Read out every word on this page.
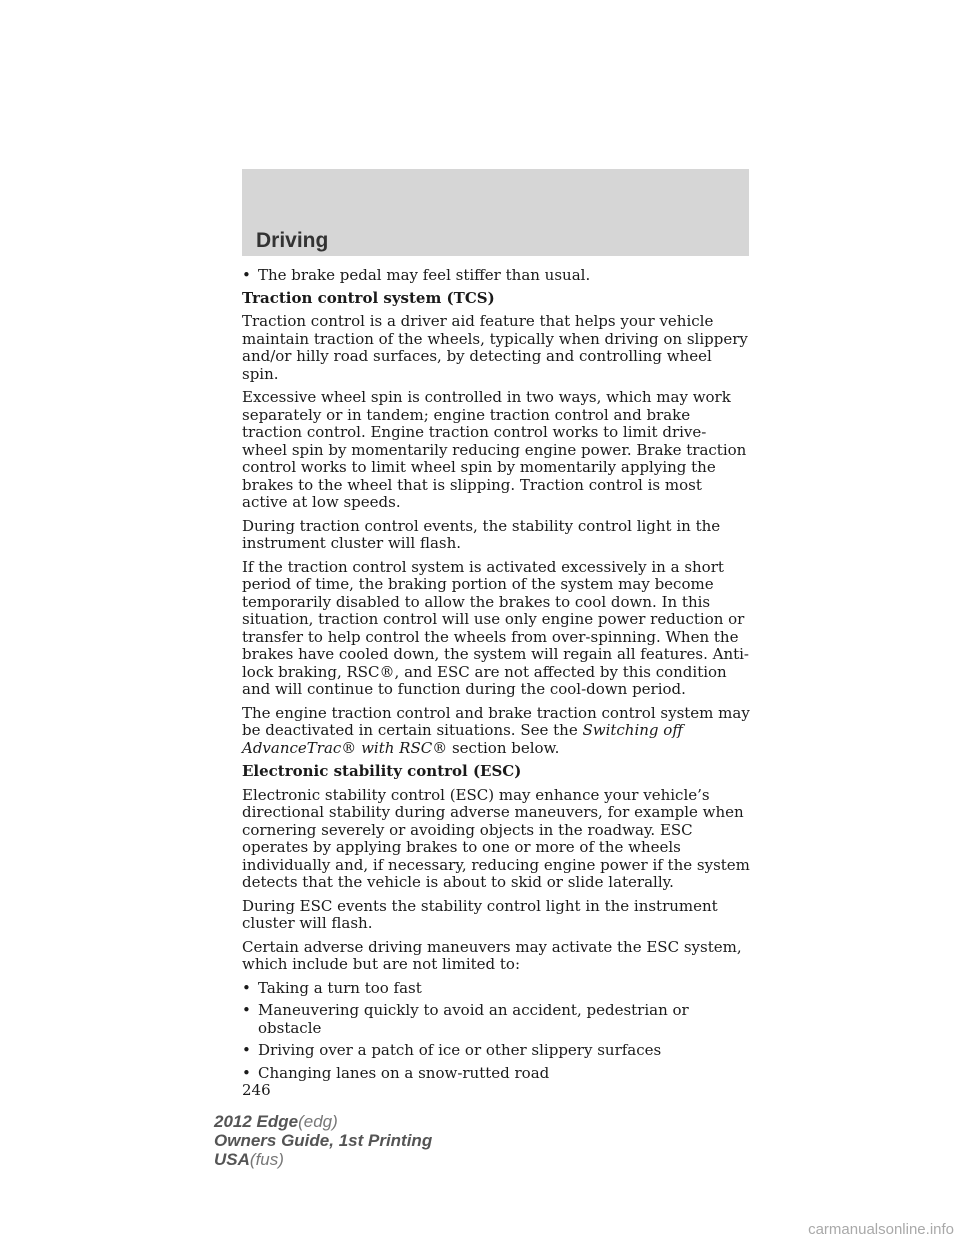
Driving
• The brake pedal may feel stiffer than usual.
Traction control system (TCS)

Traction control is a driver aid feature that helps your vehicle maintain traction of the wheels, typically when driving on slippery and/or hilly road surfaces, by detecting and controlling wheel spin.

Excessive wheel spin is controlled in two ways, which may work separately or in tandem; engine traction control and brake traction control. Engine traction control works to limit drive-wheel spin by momentarily reducing engine power. Brake traction control works to limit wheel spin by momentarily applying the brakes to the wheel that is slipping. Traction control is most active at low speeds.

During traction control events, the stability control light in the instrument cluster will flash.

If the traction control system is activated excessively in a short period of time, the braking portion of the system may become temporarily disabled to allow the brakes to cool down. In this situation, traction control will use only engine power reduction or transfer to help control the wheels from over-spinning. When the brakes have cooled down, the system will regain all features. Anti-lock braking, RSC®, and ESC are not affected by this condition and will continue to function during the cool-down period.

The engine traction control and brake traction control system may be deactivated in certain situations. See the Switching off AdvanceTrac® with RSC® section below.

Electronic stability control (ESC)

Electronic stability control (ESC) may enhance your vehicle’s directional stability during adverse maneuvers, for example when cornering severely or avoiding objects in the roadway. ESC operates by applying brakes to one or more of the wheels individually and, if necessary, reducing engine power if the system detects that the vehicle is about to skid or slide laterally.

During ESC events the stability control light in the instrument cluster will flash.

Certain adverse driving maneuvers may activate the ESC system, which include but are not limited to:

• Taking a turn too fast
• Maneuvering quickly to avoid an accident, pedestrian or obstacle
• Driving over a patch of ice or other slippery surfaces
• Changing lanes on a snow-rutted road
246
2012 Edge(edg)
Owners Guide, 1st Printing
USA(fus)
carmanualsonline.info
